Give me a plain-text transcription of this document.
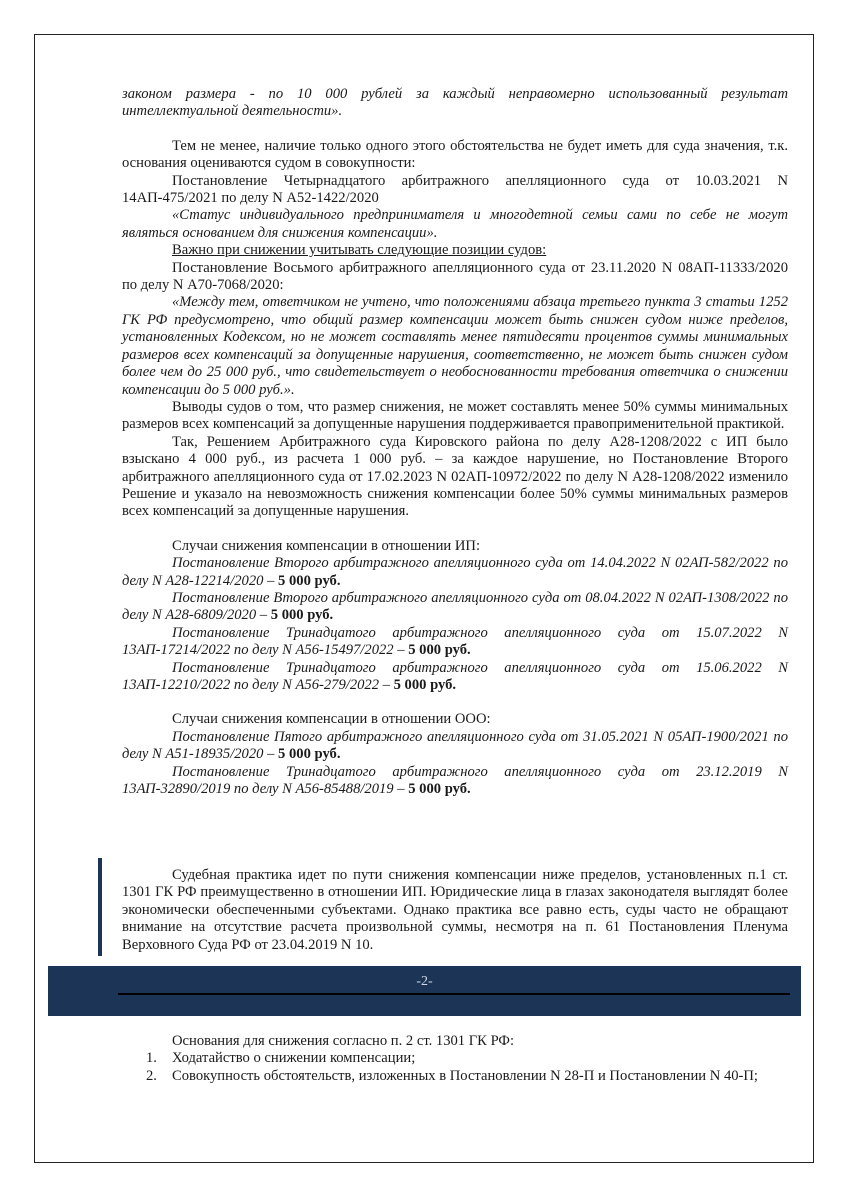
законом размера - по 10 000 рублей за каждый неправомерно использованный результат интеллектуальной деятельности».

Тем не менее, наличие только одного этого обстоятельства не будет иметь для суда значения, т.к. основания оцениваются судом в совокупности:

Постановление Четырнадцатого арбитражного апелляционного суда от 10.03.2021 N 14АП-475/2021 по делу N А52-1422/2020

«Статус индивидуального предпринимателя и многодетной семьи сами по себе не могут являться основанием для снижения компенсации».

Важно при снижении учитывать следующие позиции судов:

Постановление Восьмого арбитражного апелляционного суда от 23.11.2020 N 08АП-11333/2020 по делу N А70-7068/2020:

«Между тем, ответчиком не учтено, что положениями абзаца третьего пункта 3 статьи 1252 ГК РФ предусмотрено, что общий размер компенсации может быть снижен судом ниже пределов, установленных Кодексом, но не может составлять менее пятидесяти процентов суммы минимальных размеров всех компенсаций за допущенные нарушения, соответственно, не может быть снижен судом более чем до 25 000 руб., что свидетельствует о необоснованности требования ответчика о снижении компенсации до 5 000 руб.».

Выводы судов о том, что размер снижения, не может составлять менее 50% суммы минимальных размеров всех компенсаций за допущенные нарушения поддерживается правоприменительной практикой.

Так, Решением Арбитражного суда Кировского района по делу А28-1208/2022 с ИП было взыскано 4 000 руб., из расчета 1 000 руб. – за каждое нарушение, но Постановление Второго арбитражного апелляционного суда от 17.02.2023 N 02АП-10972/2022 по делу N А28-1208/2022 изменило Решение и указало на невозможность снижения компенсации более 50% суммы минимальных размеров всех компенсаций за допущенные нарушения.

Случаи снижения компенсации в отношении ИП:

Постановление Второго арбитражного апелляционного суда от 14.04.2022 N 02АП-582/2022 по делу N А28-12214/2020 – 5 000 руб.

Постановление Второго арбитражного апелляционного суда от 08.04.2022 N 02АП-1308/2022 по делу N А28-6809/2020 – 5 000 руб.

Постановление Тринадцатого арбитражного апелляционного суда от 15.07.2022 N 13АП-17214/2022 по делу N А56-15497/2022 – 5 000 руб.

Постановление Тринадцатого арбитражного апелляционного суда от 15.06.2022 N 13АП-12210/2022 по делу N А56-279/2022 – 5 000 руб.

Случаи снижения компенсации в отношении ООО:

Постановление Пятого арбитражного апелляционного суда от 31.05.2021 N 05АП-1900/2021 по делу N А51-18935/2020 – 5 000 руб.

Постановление Тринадцатого арбитражного апелляционного суда от 23.12.2019 N 13АП-32890/2019 по делу N А56-85488/2019 – 5 000 руб.

Судебная практика идет по пути снижения компенсации ниже пределов, установленных п.1 ст. 1301 ГК РФ преимущественно в отношении ИП. Юридические лица в глазах законодателя выглядят более экономически обеспеченными субъектами. Однако практика все равно есть, суды часто не обращают внимание на отсутствие расчета произвольной суммы, несмотря на п. 61 Постановления Пленума Верховного Суда РФ от 23.04.2019 N 10.

-2-

Основания для снижения согласно п. 2 ст. 1301 ГК РФ:

1. Ходатайство о снижении компенсации;
2. Совокупность обстоятельств, изложенных в Постановлении N 28-П и Постановлении N 40-П;
